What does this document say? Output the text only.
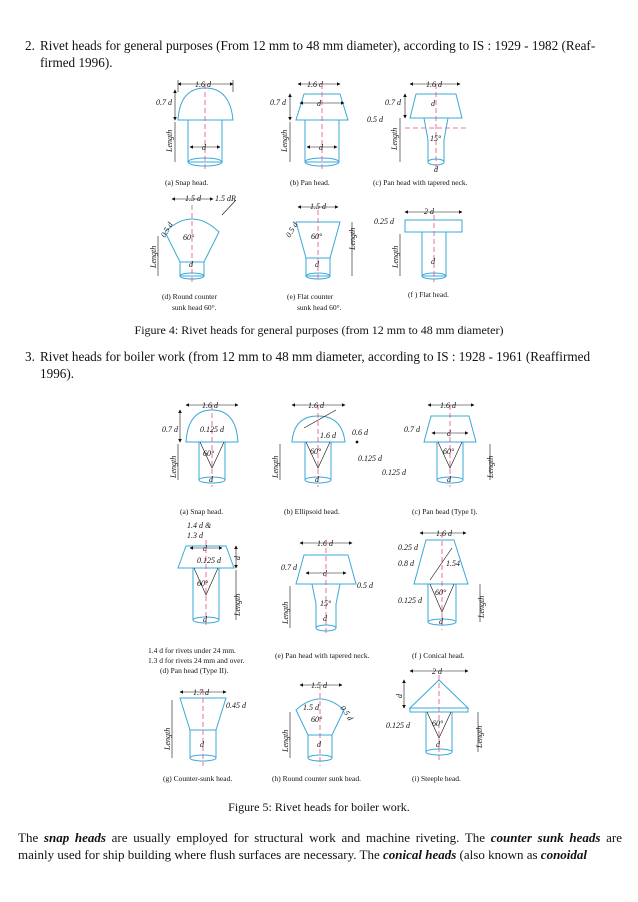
2. Rivet heads for general purposes (From 12 mm to 48 mm diameter), according to IS : 1929 - 1982 (Reaf-
firmed 1996).
1.6 d
0.7 d
Length	d
(a) Snap head.
1.6 d
d
0.7 d
Length	d
(b) Pan head.
1.6 d
d
0.7 d
0.5 d
Length	15°
d
(c) Pan head with tapered neck.
1.5 d 1.5 dR
60°
0.5 d
Length	d
(d) Round counter
sunk head 60°.
1.5 d
60°
0.5 d	Length
d
(e) Flat counter
sunk head 60°.
2 d
0.25 d
Length	d
(f ) Flat head.
Figure 4: Rivet heads for general purposes (from 12 mm to 48 mm diameter)
3. Rivet heads for boiler work (from 12 mm to 48 mm diameter, according to IS : 1928 - 1961 (Reaffirmed
1996).
1.6 d
60°
0.125 d
0.7 d
Length
d
(a) Snap head.
1.6 d
1.6 d
60°
0.6 d
0.125 d
Length
d
(b) Ellipsoid head.
1.6 d
d
60°
0.7 d
0.125 d	Length
d
(c) Pan head (Type I).
1.4 d &
1.3 d
d
0.125 d
60°
d
Length
d
1.4 d for rivets under 24 mm.
1.3 d for rivets 24 mm and over.
(d) Pan head (Type II).
1.6 d
d
15°
0.7 d
0.5 d
Length	d
(e) Pan head with tapered neck.
1.6 d
0.25 d
0.8 d	1.54
60°
0.125 d	Length
d
(f ) Conical head.
1.7 d
0.45 d
Length	d
(g) Counter-sunk head.
1.5 d
1.5 d
60° 0.5 d
Length	d
(h) Round counter sunk head.
2 d
60°
d
0.125 d
Length
d
(i) Steeple head.
Figure 5: Rivet heads for boiler work.
The snap heads are usually employed for structural work and machine riveting. The counter sunk heads are mainly used for ship building where flush surfaces are necessary. The conical heads (also known as conoidal
